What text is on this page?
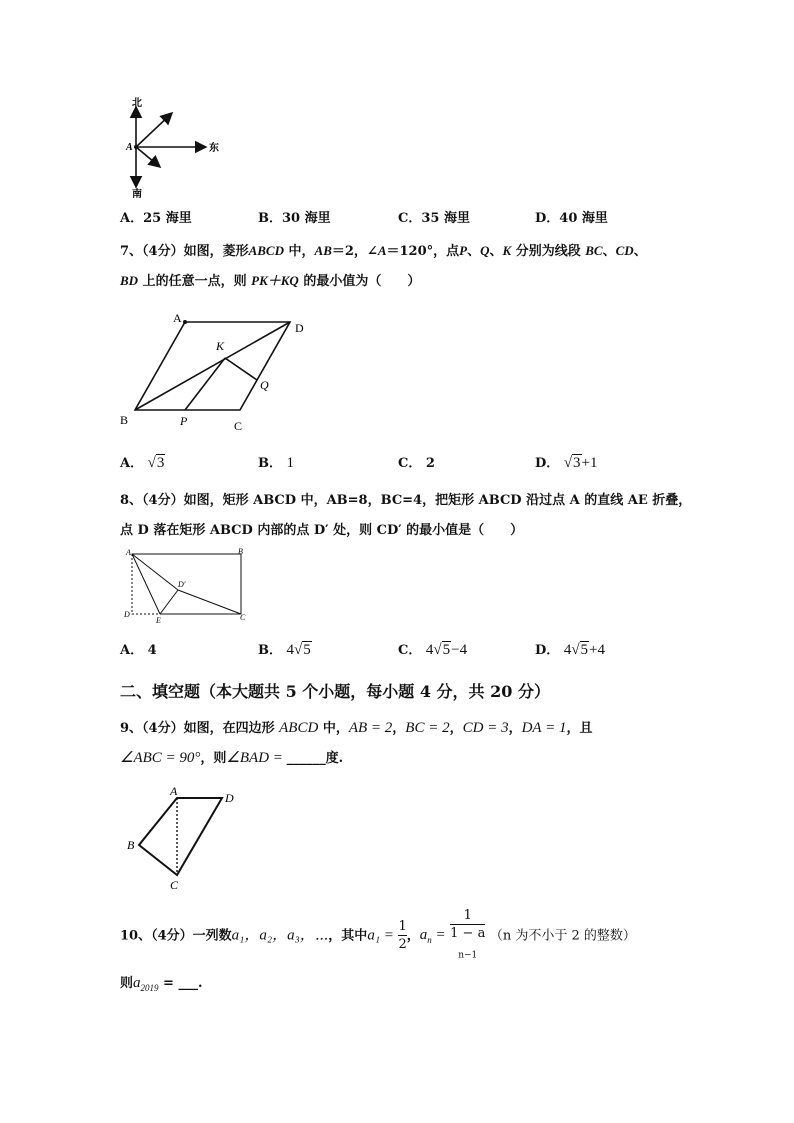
北
南
东
A
A．25 海里	B．30 海里	C．35 海里	D．40 海里
7、（4分）如图，菱形ABCD 中，AB＝2，∠A＝120°，点P、Q、K 分别为线段 BC、CD、
BD 上的任意一点，则 PK＋KQ 的最小值为（　　）
A
D
B	C
K
P
Q
A． √3	B． 1	C． 2	D． √3+1
8、（4分）如图，矩形 ABCD 中，AB=8，BC=4，把矩形 ABCD 沿过点 A 的直线 AE 折叠，
点 D 落在矩形 ABCD 内部的点 D′ 处，则 CD′ 的最小值是（　　）
A	B
D	C
E
D′
A． 4	B． 4√5	C． 4√5−4	D． 4√5+4
二、填空题（本大题共 5 个小题，每小题 4 分，共 20 分）
9、（4分）如图，在四边形 ABCD 中，AB = 2，BC = 2，CD = 3，DA = 1，且
∠ABC = 90°，则∠BAD = ______度.
A	D
B
C
10、（4分）一列数a₁，a₂，a₃，⋯，其中$a_1 = \frac{1}{2}$ ，$a_n = 1$
1 − a
$_{n-1}$ （n 为不小于 2 的整数）
则$a_{2019}$ = ___.
